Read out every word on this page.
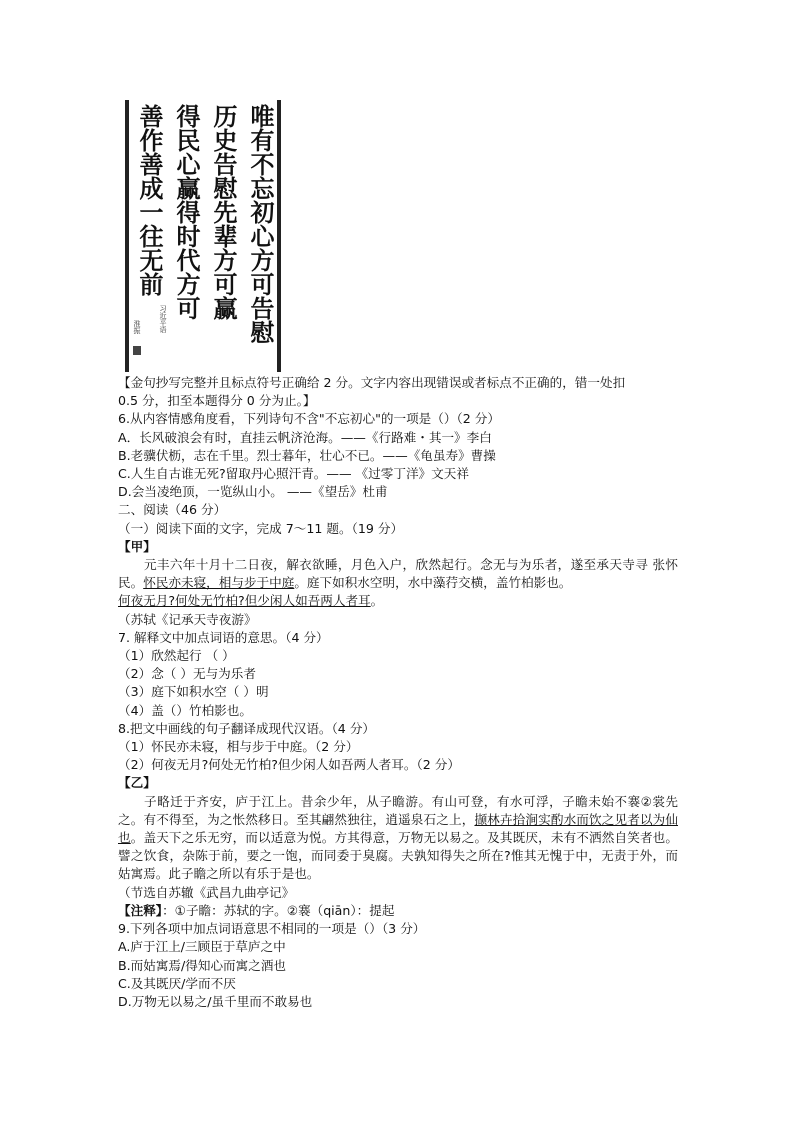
唯有不忘初心方可告慰
历史告慰先辈方可赢
得民心赢得时代方可
善作善成一往无前
习近平语
淮振
【金句抄写完整并且标点符号正确给 2 分。文字内容出现错误或者标点不正确的，错一处扣
0.5 分，扣至本题得分 0 分为止。】
6.从内容情感角度看，下列诗句不含"不忘初心"的一项是（）（2 分）
A．长风破浪会有时，直挂云帆济沧海。——《行路难・其一》李白
B.老骥伏枥，志在千里。烈士暮年，壮心不已。——《龟虽寿》曹操
C.人生自古谁无死?留取丹心照汗青。—— 《过零丁洋》文天祥
D.会当凌绝顶，一览纵山小。 ——《望岳》杜甫
二、阅读（46 分）
（一）阅读下面的文字，完成 7～11 题。（19 分）
【甲】
元丰六年十月十二日夜，解衣欲睡，月色入户，欣然起行。念无与为乐者，遂至承天寺寻 张怀民。怀民亦未寝，相与步于中庭。庭下如积水空明，水中藻荇交横，盖竹柏影也。
何夜无月?何处无竹柏?但少闲人如吾两人者耳。
（苏轼《记承天寺夜游》
7. 解释文中加点词语的意思。（4 分）
（1）欣然起行 （ ）
（2）念（ ）无与为乐者
（3）庭下如积水空（ ）明
（4）盖（）竹柏影也。
8.把文中画线的句子翻译成现代汉语。（4 分）
（1）怀民亦未寝，相与步于中庭。（2 分）
（2）何夜无月?何处无竹柏?但少闲人如吾两人者耳。（2 分）
【乙】
子略迁于齐安，庐于江上。昔余少年，从子瞻游。有山可登，有水可浮，子瞻未始不褰②裳先之。有不得至，为之怅然移日。至其翩然独往，逍遥泉石之上，撷林卉拾涧实酌水而饮之见者以为仙也。盖天下之乐无穷，而以适意为悦。方其得意，万物无以易之。及其既厌，未有不洒然自笑者也。譬之饮食，杂陈于前，要之一饱，而同委于臭腐。夫孰知得失之所在?惟其无愧于中，无责于外，而姑寓焉。此子瞻之所以有乐于是也。
（节选自苏辙《武昌九曲亭记》
【注释】：①子瞻：苏轼的字。②褰（qiān）：提起
9.下列各项中加点词语意思不相同的一项是（）（3 分）
A.庐于江上/三顾臣于草庐之中
B.而姑寓焉/得知心而寓之酒也
C.及其既厌/学而不厌
D.万物无以易之/虽千里而不敢易也
